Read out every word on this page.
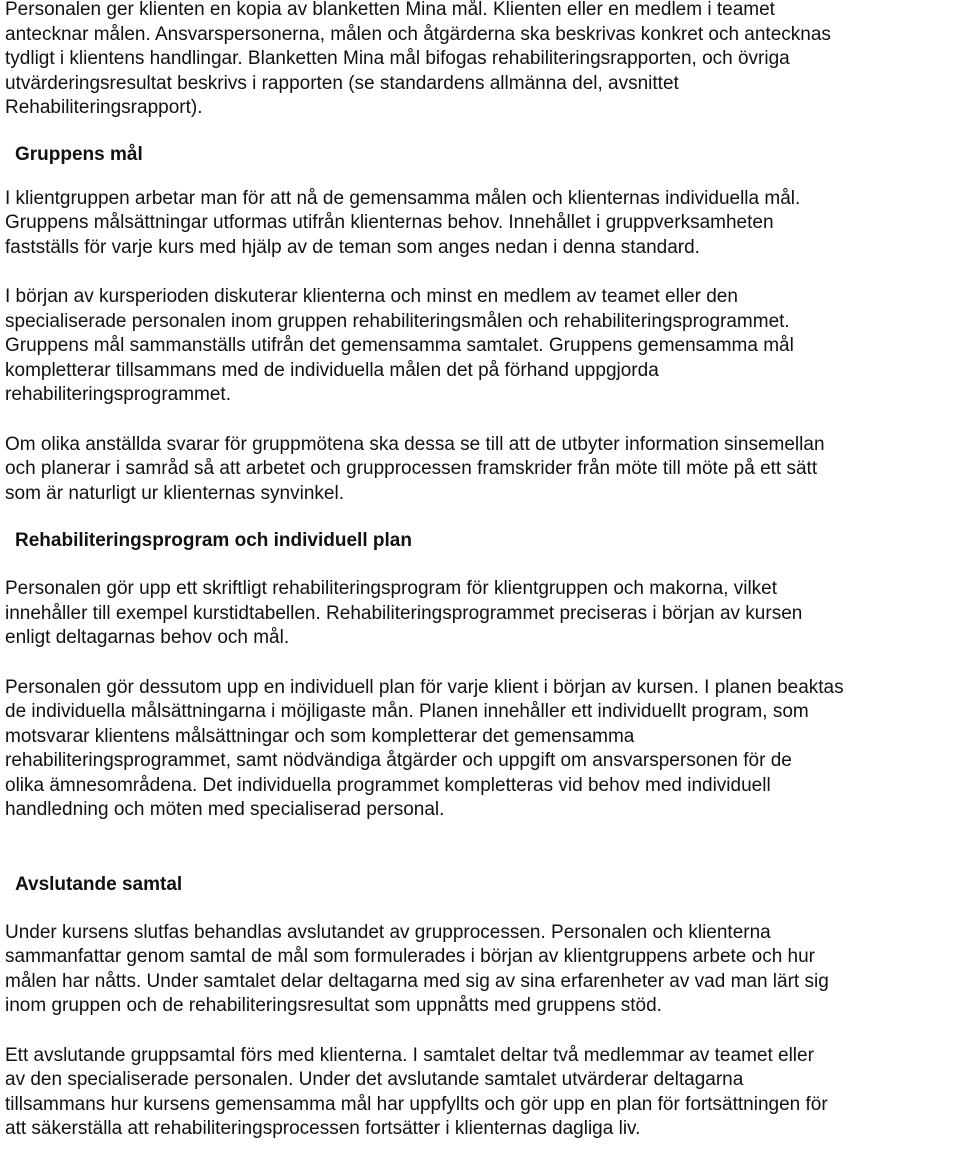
Personalen ger klienten en kopia av blanketten Mina mål. Klienten eller en medlem i teamet
antecknar målen. Ansvarspersonerna, målen och åtgärderna ska beskrivas konkret och antecknas
tydligt i klientens handlingar. Blanketten Mina mål bifogas rehabiliteringsrapporten, och övriga
utvärderingsresultat beskrivs i rapporten (se standardens allmänna del, avsnittet
Rehabiliteringsrapport).

Gruppens mål

I klientgruppen arbetar man för att nå de gemensamma målen och klienternas individuella mål.
Gruppens målsättningar utformas utifrån klienternas behov. Innehållet i gruppverksamheten
fastställs för varje kurs med hjälp av de teman som anges nedan i denna standard.

I början av kursperioden diskuterar klienterna och minst en medlem av teamet eller den
specialiserade personalen inom gruppen rehabiliteringsmålen och rehabiliteringsprogrammet.
Gruppens mål sammanställs utifrån det gemensamma samtalet. Gruppens gemensamma mål
kompletterar tillsammans med de individuella målen det på förhand uppgjorda
rehabiliteringsprogrammet.

Om olika anställda svarar för gruppmötena ska dessa se till att de utbyter information sinsemellan
och planerar i samråd så att arbetet och grupprocessen framskrider från möte till möte på ett sätt
som är naturligt ur klienternas synvinkel.

Rehabiliteringsprogram och individuell plan

Personalen gör upp ett skriftligt rehabiliteringsprogram för klientgruppen och makorna, vilket
innehåller till exempel kurstidtabellen. Rehabiliteringsprogrammet preciseras i början av kursen
enligt deltagarnas behov och mål.

Personalen gör dessutom upp en individuell plan för varje klient i början av kursen. I planen beaktas
de individuella målsättningarna i möjligaste mån. Planen innehåller ett individuellt program, som
motsvarar klientens målsättningar och som kompletterar det gemensamma
rehabiliteringsprogrammet, samt nödvändiga åtgärder och uppgift om ansvarspersonen för de
olika ämnesområdena. Det individuella programmet kompletteras vid behov med individuell
handledning och möten med specialiserad personal.

Avslutande samtal

Under kursens slutfas behandlas avslutandet av grupprocessen. Personalen och klienterna
sammanfattar genom samtal de mål som formulerades i början av klientgruppens arbete och hur
målen har nåtts. Under samtalet delar deltagarna med sig av sina erfarenheter av vad man lärt sig
inom gruppen och de rehabiliteringsresultat som uppnåtts med gruppens stöd.

Ett avslutande gruppsamtal förs med klienterna. I samtalet deltar två medlemmar av teamet eller
av den specialiserade personalen. Under det avslutande samtalet utvärderar deltagarna
tillsammans hur kursens gemensamma mål har uppfyllts och gör upp en plan för fortsättningen för
att säkerställa att rehabiliteringsprocessen fortsätter i klienternas dagliga liv.
